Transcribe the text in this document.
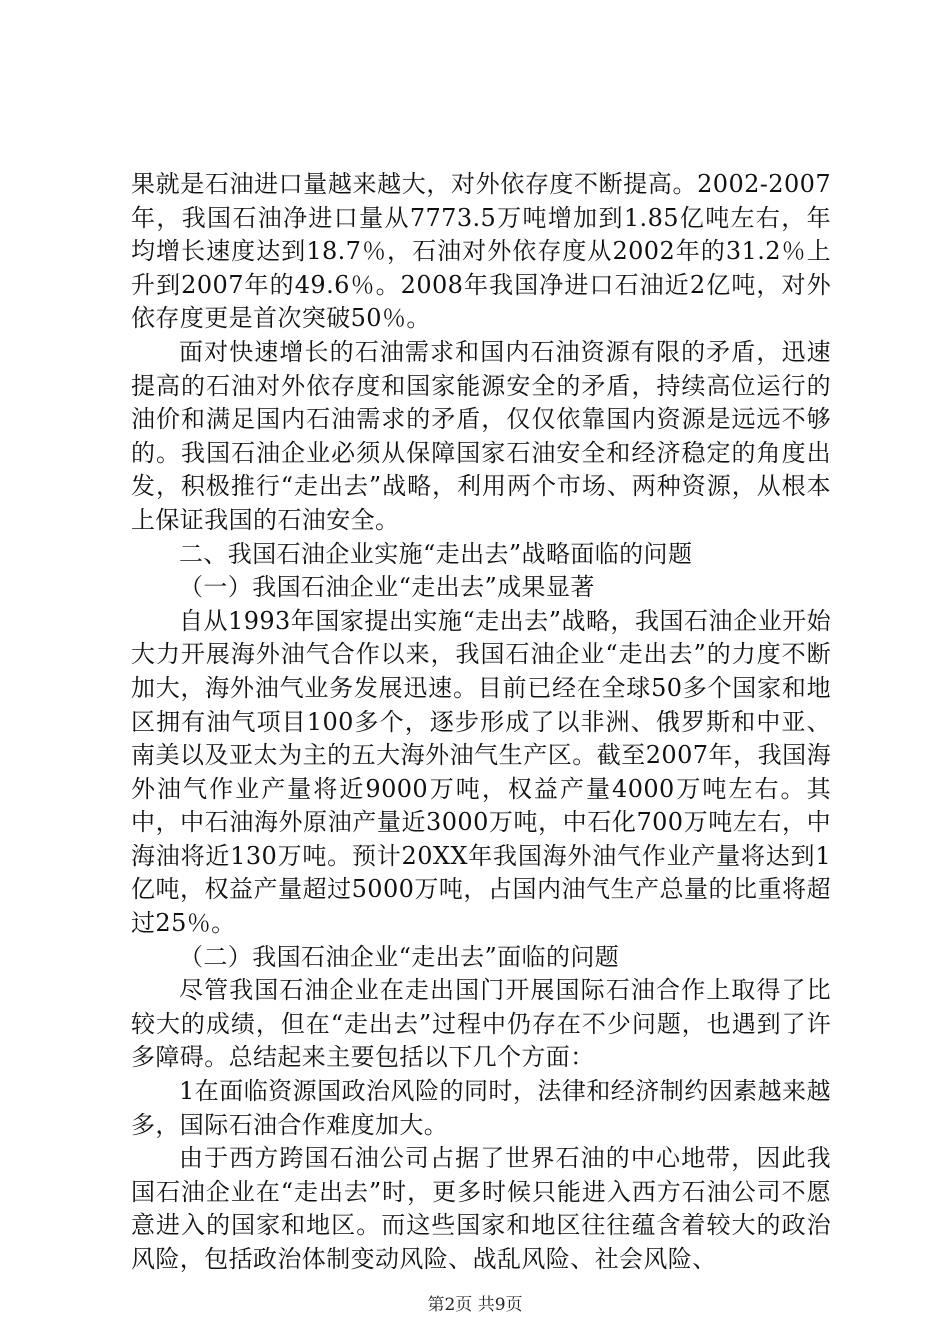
果就是石油进口量越来越大，对外依存度不断提高。2002-2007年，我国石油净进口量从7773.5万吨增加到1.85亿吨左右，年均增长速度达到18.7％，石油对外依存度从2002年的31.2％上升到2007年的49.6％。2008年我国净进口石油近2亿吨，对外依存度更是首次突破50％。

面对快速增长的石油需求和国内石油资源有限的矛盾，迅速提高的石油对外依存度和国家能源安全的矛盾，持续高位运行的油价和满足国内石油需求的矛盾，仅仅依靠国内资源是远远不够的。我国石油企业必须从保障国家石油安全和经济稳定的角度出发，积极推行“走出去”战略，利用两个市场、两种资源，从根本上保证我国的石油安全。

二、我国石油企业实施“走出去”战略面临的问题

（一）我国石油企业“走出去”成果显著

自从1993年国家提出实施“走出去”战略，我国石油企业开始大力开展海外油气合作以来，我国石油企业“走出去”的力度不断加大，海外油气业务发展迅速。目前已经在全球50多个国家和地区拥有油气项目100多个，逐步形成了以非洲、俄罗斯和中亚、南美以及亚太为主的五大海外油气生产区。截至2007年，我国海外油气作业产量将近9000万吨，权益产量4000万吨左右。其中，中石油海外原油产量近3000万吨，中石化700万吨左右，中海油将近130万吨。预计20XX年我国海外油气作业产量将达到1亿吨，权益产量超过5000万吨，占国内油气生产总量的比重将超过25％。

（二）我国石油企业“走出去”面临的问题

尽管我国石油企业在走出国门开展国际石油合作上取得了比较大的成绩，但在“走出去”过程中仍存在不少问题，也遇到了许多障碍。总结起来主要包括以下几个方面：

1在面临资源国政治风险的同时，法律和经济制约因素越来越多，国际石油合作难度加大。

由于西方跨国石油公司占据了世界石油的中心地带，因此我国石油企业在“走出去”时，更多时候只能进入西方石油公司不愿意进入的国家和地区。而这些国家和地区往往蕴含着较大的政治风险，包括政治体制变动风险、战乱风险、社会风险、

第2页 共9页
